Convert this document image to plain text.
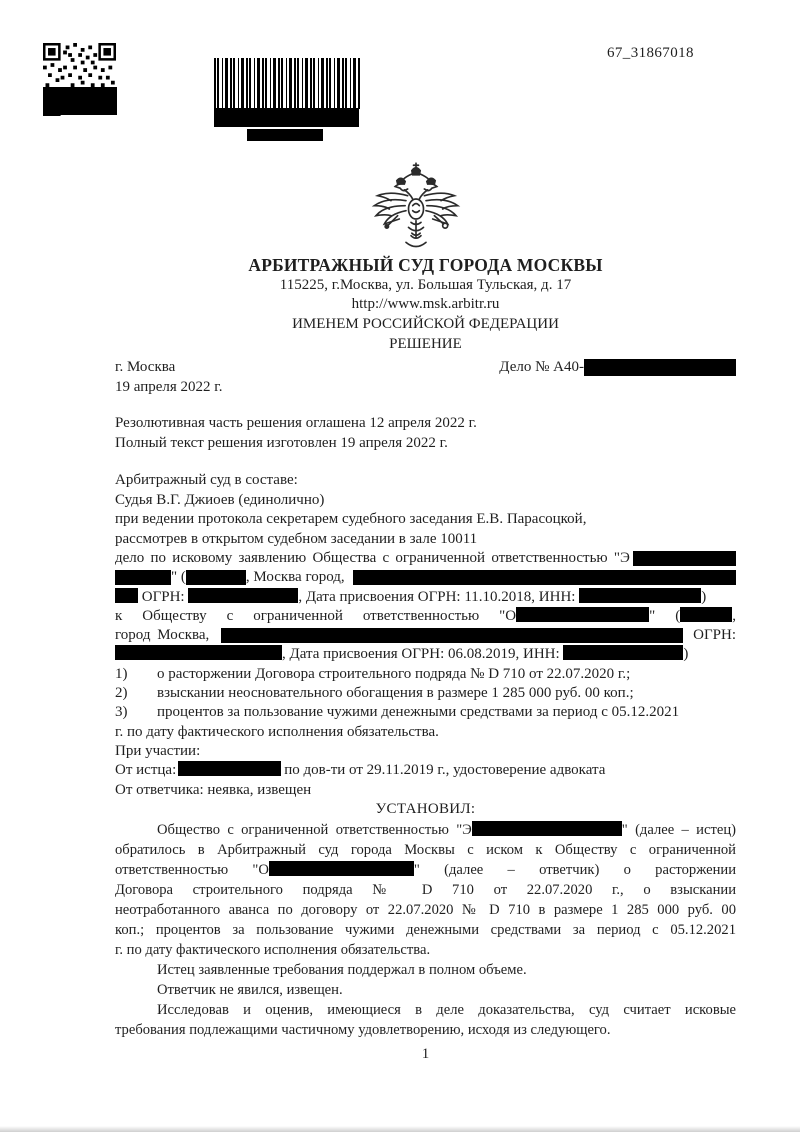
67_31867018
АРБИТРАЖНЫЙ СУД ГОРОДА МОСКВЫ
115225, г.Москва, ул. Большая Тульская, д. 17
http://www.msk.arbitr.ru
ИМЕНЕМ РОССИЙСКОЙ ФЕДЕРАЦИИ
РЕШЕНИЕ
г. Москва	Дело № А40-
19 апреля 2022 г.
Резолютивная часть решения оглашена 12 апреля 2022 г.
Полный текст решения изготовлен 19 апреля 2022 г.
Арбитражный суд в составе:
Судья В.Г. Джиоев (единолично)
при ведении протокола секретарем судебного заседания Е.В. Парасоцкой,
рассмотрев в открытом судебном заседании в зале 10011
дело по исковому заявлению Общества с ограниченной ответственностью "Э
" (	, Москва город,
ОГРН:	, Дата присвоения ОГРН: 11.10.2018, ИНН:	)
к Обществу с ограниченной ответственностью "О	" (	,
город Москва,	ОГРН:
, Дата присвоения ОГРН: 06.08.2019, ИНН:	)
1) о расторжении Договора строительного подряда № D 710 от 22.07.2020 г.;
2) взыскании неосновательного обогащения в размере 1 285 000 руб. 00 коп.;
3) процентов за пользование чужими денежными средствами за период с 05.12.2021
г. по дату фактического исполнения обязательства.
При участии:
От истца:	по дов-ти от 29.11.2019 г., удостоверение адвоката
От ответчика: неявка, извещен
УСТАНОВИЛ:
Общество с ограниченной ответственностью "Э	" (далее – истец)
обратилось в Арбитражный суд города Москвы с иском к Обществу с ограниченной
ответственностью "О	" (далее – ответчик) о расторжении
Договора строительного подряда № D 710 от 22.07.2020 г., о взыскании
неотработанного аванса по договору от 22.07.2020 № D 710 в размере 1 285 000 руб. 00
коп.; процентов за пользование чужими денежными средствами за период с 05.12.2021
г. по дату фактического исполнения обязательства.
Истец заявленные требования поддержал в полном объеме.
Ответчик не явился, извещен.
Исследовав и оценив, имеющиеся в деле доказательства, суд считает исковые
требования подлежащими частичному удовлетворению, исходя из следующего.
1
